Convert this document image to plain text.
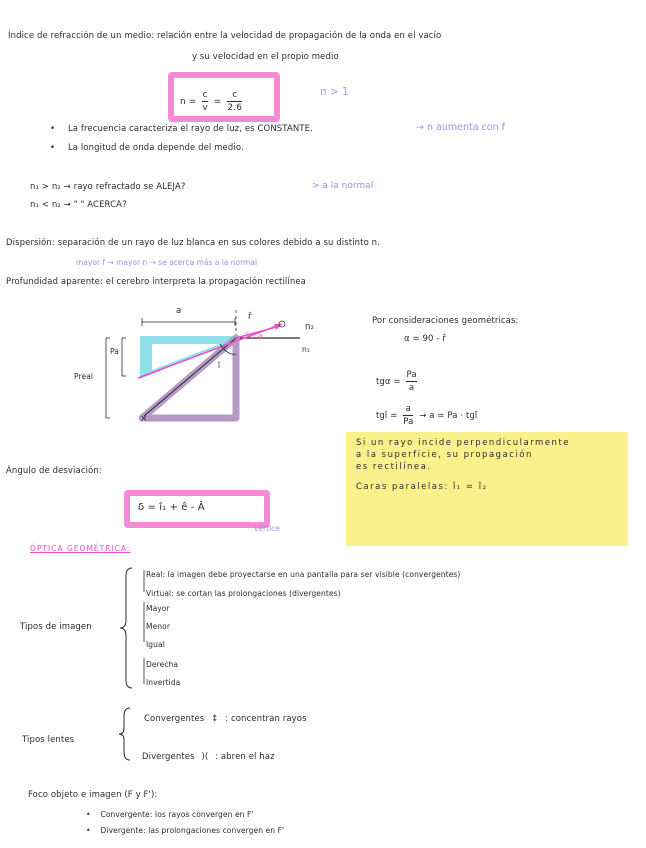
Índice de refracción de un medio: relación entre la velocidad de propagación de la onda en el vacío
y su velocidad en el propio medio
$n = \frac{c}{v} = \frac{c}{2.6}$	n > 1
• La frecuencia caracteriza el rayo de luz, es CONSTANTE.	→ n aumenta con f
• La longitud de onda depende del medio.
n₁ > n₂ → rayo refractado se ALEJA?	> a la normal
n₁ < n₂ → " " ACERCA?
Dispersión: separación de un rayo de luz blanca en sus colores debido a su distinto n.
mayor f → mayor n → se acerca más a la normal
Profundidad aparente: el cerebro interpreta la propagación rectilínea
×
a
r̂
n₂
n₁
α
Pa
Preal
î
Por consideraciones geométricas:
α = 90 - r̂
$tg\alpha = \frac{Pa}{a}$
tgî = $\frac{a}{Pa} \to a = Pa$ · tgî
Si un rayo incide perpendicularmente
a la superficie, su propagación
es rectilínea.
Caras paralelas: î₁ = î₂
Ángulo de desviación:
δ = î₁ + ê - Â
vértice
ÓPTICA GEOMÉTRICA:
Tipos de imagen
Real: la imagen debe proyectarse en una pantalla para ser visible (convergentes)
Virtual: se cortan las prolongaciones (divergentes)
Mayor
Menor
Igual
Derecha
Invertida
Tipos lentes
Convergentes ↕ : concentran rayos
Divergentes )( : abren el haz
Foco objeto e imagen (F y F'):
• Convergente: los rayos convergen en F'
• Divergente: las prolongaciones convergen en F'
